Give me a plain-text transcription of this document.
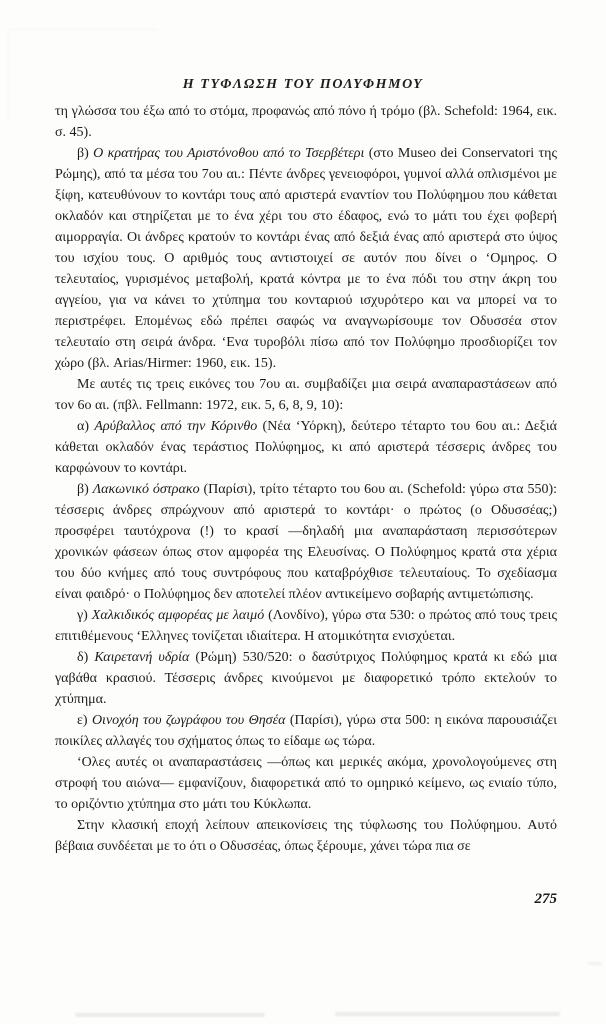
Η ΤΥΦΛΩΣΗ ΤΟΥ ΠΟΛΥΦΗΜΟΥ

τη γλώσσα του έξω από το στόμα, προφανώς από πόνο ή τρόμο (βλ. Schefold: 1964, εικ. σ. 45).

β) Ο κρατήρας του Αριστόνοθου από το Τσερβέτερι (στο Museo dei Conservatori της Ρώμης), από τα μέσα του 7ου αι.: Πέντε άνδρες γενειοφόροι, γυμνοί αλλά οπλισμένοι με ξίφη, κατευθύνουν το κοντάρι τους από αριστερά εναντίον του Πολύφημου που κάθεται οκλαδόν και στηρίζεται με το ένα χέρι του στο έδαφος, ενώ το μάτι του έχει φοβερή αιμορραγία. Οι άνδρες κρατούν το κοντάρι ένας από δεξιά ένας από αριστερά στο ύψος του ισχίου τους. Ο αριθμός τους αντιστοιχεί σε αυτόν που δίνει ο ‘Ομηρος. Ο τελευταίος, γυρισμένος μεταβολή, κρατά κόντρα με το ένα πόδι του στην άκρη του αγγείου, για να κάνει το χτύπημα του κονταριού ισχυρότερο και να μπορεί να το περιστρέφει. Επομένως εδώ πρέπει σαφώς να αναγνωρίσουμε τον Οδυσσέα στον τελευταίο στη σειρά άνδρα. ‘Ενα τυροβόλι πίσω από τον Πολύφημο προσδιορίζει τον χώρο (βλ. Arias/Hirmer: 1960, εικ. 15).

Με αυτές τις τρεις εικόνες του 7ου αι. συμβαδίζει μια σειρά αναπαραστάσεων από τον 6ο αι. (πβλ. Fellmann: 1972, εικ. 5, 6, 8, 9, 10):

α) Αρύβαλλος από την Κόρινθο (Νέα ‘Υόρκη), δεύτερο τέταρτο του 6ου αι.: Δεξιά κάθεται οκλαδόν ένας τεράστιος Πολύφημος, κι από αριστερά τέσσερις άνδρες του καρφώνουν το κοντάρι.

β) Λακωνικό όστρακο (Παρίσι), τρίτο τέταρτο του 6ου αι. (Schefold: γύρω στα 550): τέσσερις άνδρες σπρώχνουν από αριστερά το κοντάρι· ο πρώτος (ο Οδυσσέας;) προσφέρει ταυτόχρονα (!) το κρασί —δηλαδή μια αναπαράσταση περισσότερων χρονικών φάσεων όπως στον αμφορέα της Ελευσίνας. Ο Πολύφημος κρατά στα χέρια του δύο κνήμες από τους συντρόφους που καταβρόχθισε τελευταίους. Το σχεδίασμα είναι φαιδρό· ο Πολύφημος δεν αποτελεί πλέον αντικείμενο σοβαρής αντιμετώπισης.

γ) Χαλκιδικός αμφορέας με λαιμό (Λονδίνο), γύρω στα 530: ο πρώτος από τους τρεις επιτιθέμενους ‘Ελληνες τονίζεται ιδιαίτερα. Η ατομικότητα ενισχύεται.

δ) Καιρετανή υδρία (Ρώμη) 530/520: ο δασύτριχος Πολύφημος κρατά κι εδώ μια γαβάθα κρασιού. Τέσσερις άνδρες κινούμενοι με διαφορετικό τρόπο εκτελούν το χτύπημα.

ε) Οινοχόη του ζωγράφου του Θησέα (Παρίσι), γύρω στα 500: η εικόνα παρουσιάζει ποικίλες αλλαγές του σχήματος όπως το είδαμε ως τώρα.

‘Ολες αυτές οι αναπαραστάσεις —όπως και μερικές ακόμα, χρονολογούμενες στη στροφή του αιώνα— εμφανίζουν, διαφορετικά από το ομηρικό κείμενο, ως ενιαίο τύπο, το οριζόντιο χτύπημα στο μάτι του Κύκλωπα.

Στην κλασική εποχή λείπουν απεικονίσεις της τύφλωσης του Πολύφημου. Αυτό βέβαια συνδέεται με το ότι ο Οδυσσέας, όπως ξέρουμε, χάνει τώρα πια σε

275
